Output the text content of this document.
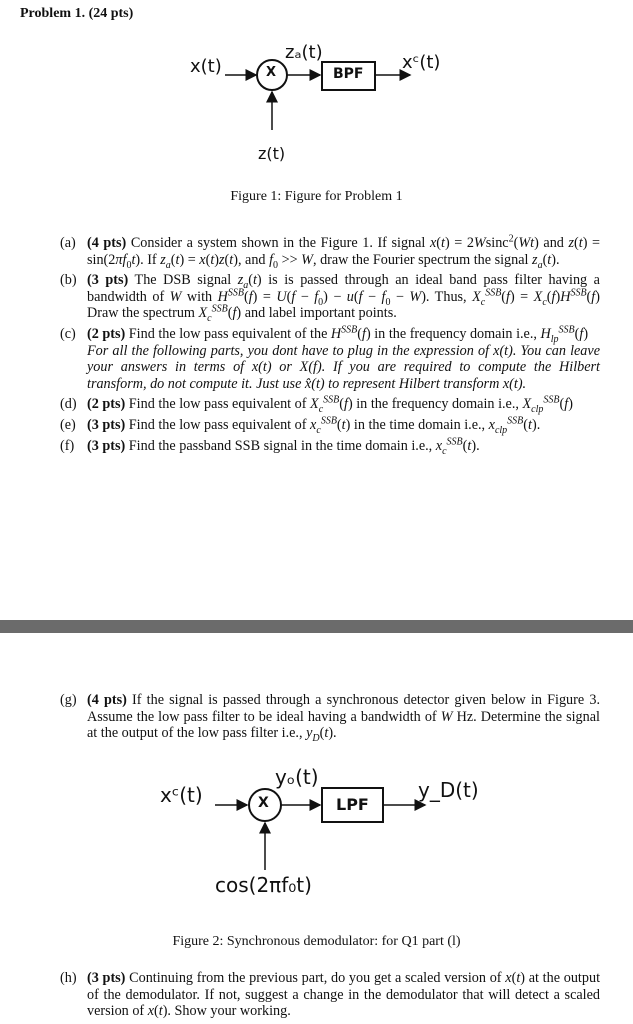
Problem 1. (24 pts)
x(t)	X
zₐ(t)
BPF
xᶜ(t)
z(t)
Figure 1: Figure for Problem 1
(a) (4 pts) Consider a system shown in the Figure 1. If signal x(t) = 2Wsinc$^2$(Wt) and $z(t) = \sin(2\pi f_0t)$. If $z_a(t) = x(t)z(t)$, and $f_0 >> W$, draw the Fourier spectrum the signal $z_a(t)$.
(b) (3 pts) The DSB signal $z_a(t)$ is is passed through an ideal band pass filter having a bandwidth of W with $H^{SSB}(f) = U(f - f_0) - u(f - f_0 - W)$. Thus, $X_c^{SSB}(f) = X_c(f)H^{SSB}(f)$ Draw the spectrum $X_c^{SSB}(f)$ and label important points.
(c) (2 pts) Find the low pass equivalent of the $H^{SSB}(f)$ in the frequency domain i.e., $H_{lp}^{SSB}(f)$
For all the following parts, you dont have to plug in the expression of x(t). You can leave your answers in terms of x(t) or X(f). If you are required to compute the Hilbert transform, do not compute it. Just use x̂(t) to represent Hilbert transform x(t).
(d) (2 pts) Find the low pass equivalent of $X_c^{SSB}(f)$ in the frequency domain i.e., $X_{clp}^{SSB}(f)$
(e) (3 pts) Find the low pass equivalent of $x_c^{SSB}(t)$ in the time domain i.e., $x_{clp}^{SSB}(t)$.
(f) (3 pts) Find the passband SSB signal in the time domain i.e., $x_c^{SSB}(t)$.
(g) (4 pts) If the signal is passed through a synchronous detector given below in Figure 3. Assume the low pass filter to be ideal having a bandwidth of W Hz. Determine the signal at the output of the low pass filter i.e., $y_D(t)$.
xᶜ(t)	X
yₒ(t)
LPF
y_D(t)
cos(2πf₀t)
Figure 2: Synchronous demodulator: for Q1 part (l)
(h) (3 pts) Continuing from the previous part, do you get a scaled version of x(t) at the output of the demodulator. If not, suggest a change in the demodulator that will detect a scaled version of x(t). Show your working.
